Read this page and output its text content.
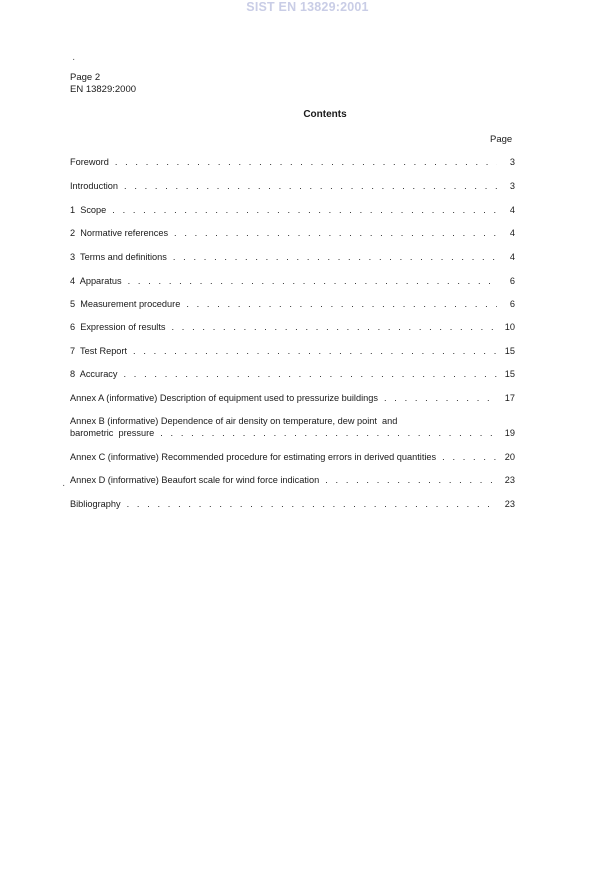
SIST EN 13829:2001
·
·
Page 2
EN 13829:2000
Contents
Page
Foreword . . .	3
Introduction . . .	3
1  Scope . . .	4
2  Normative references . . .	4
3  Terms and definitions . . .	4
4  Apparatus . . .	6
5  Measurement procedure . . .	6
6  Expression of results . . .	10
7  Test Report . . .	15
8  Accuracy . . .	15
Annex A (informative) Description of equipment used to pressurize buildings . . .	17
Annex B (informative) Dependence of air density on temperature, dew point  and
barometric  pressure . . .	19
Annex C (informative) Recommended procedure for estimating errors in derived quantities . . .	20
Annex D (informative) Beaufort scale for wind force indication . . .	23
Bibliography . . .	23
